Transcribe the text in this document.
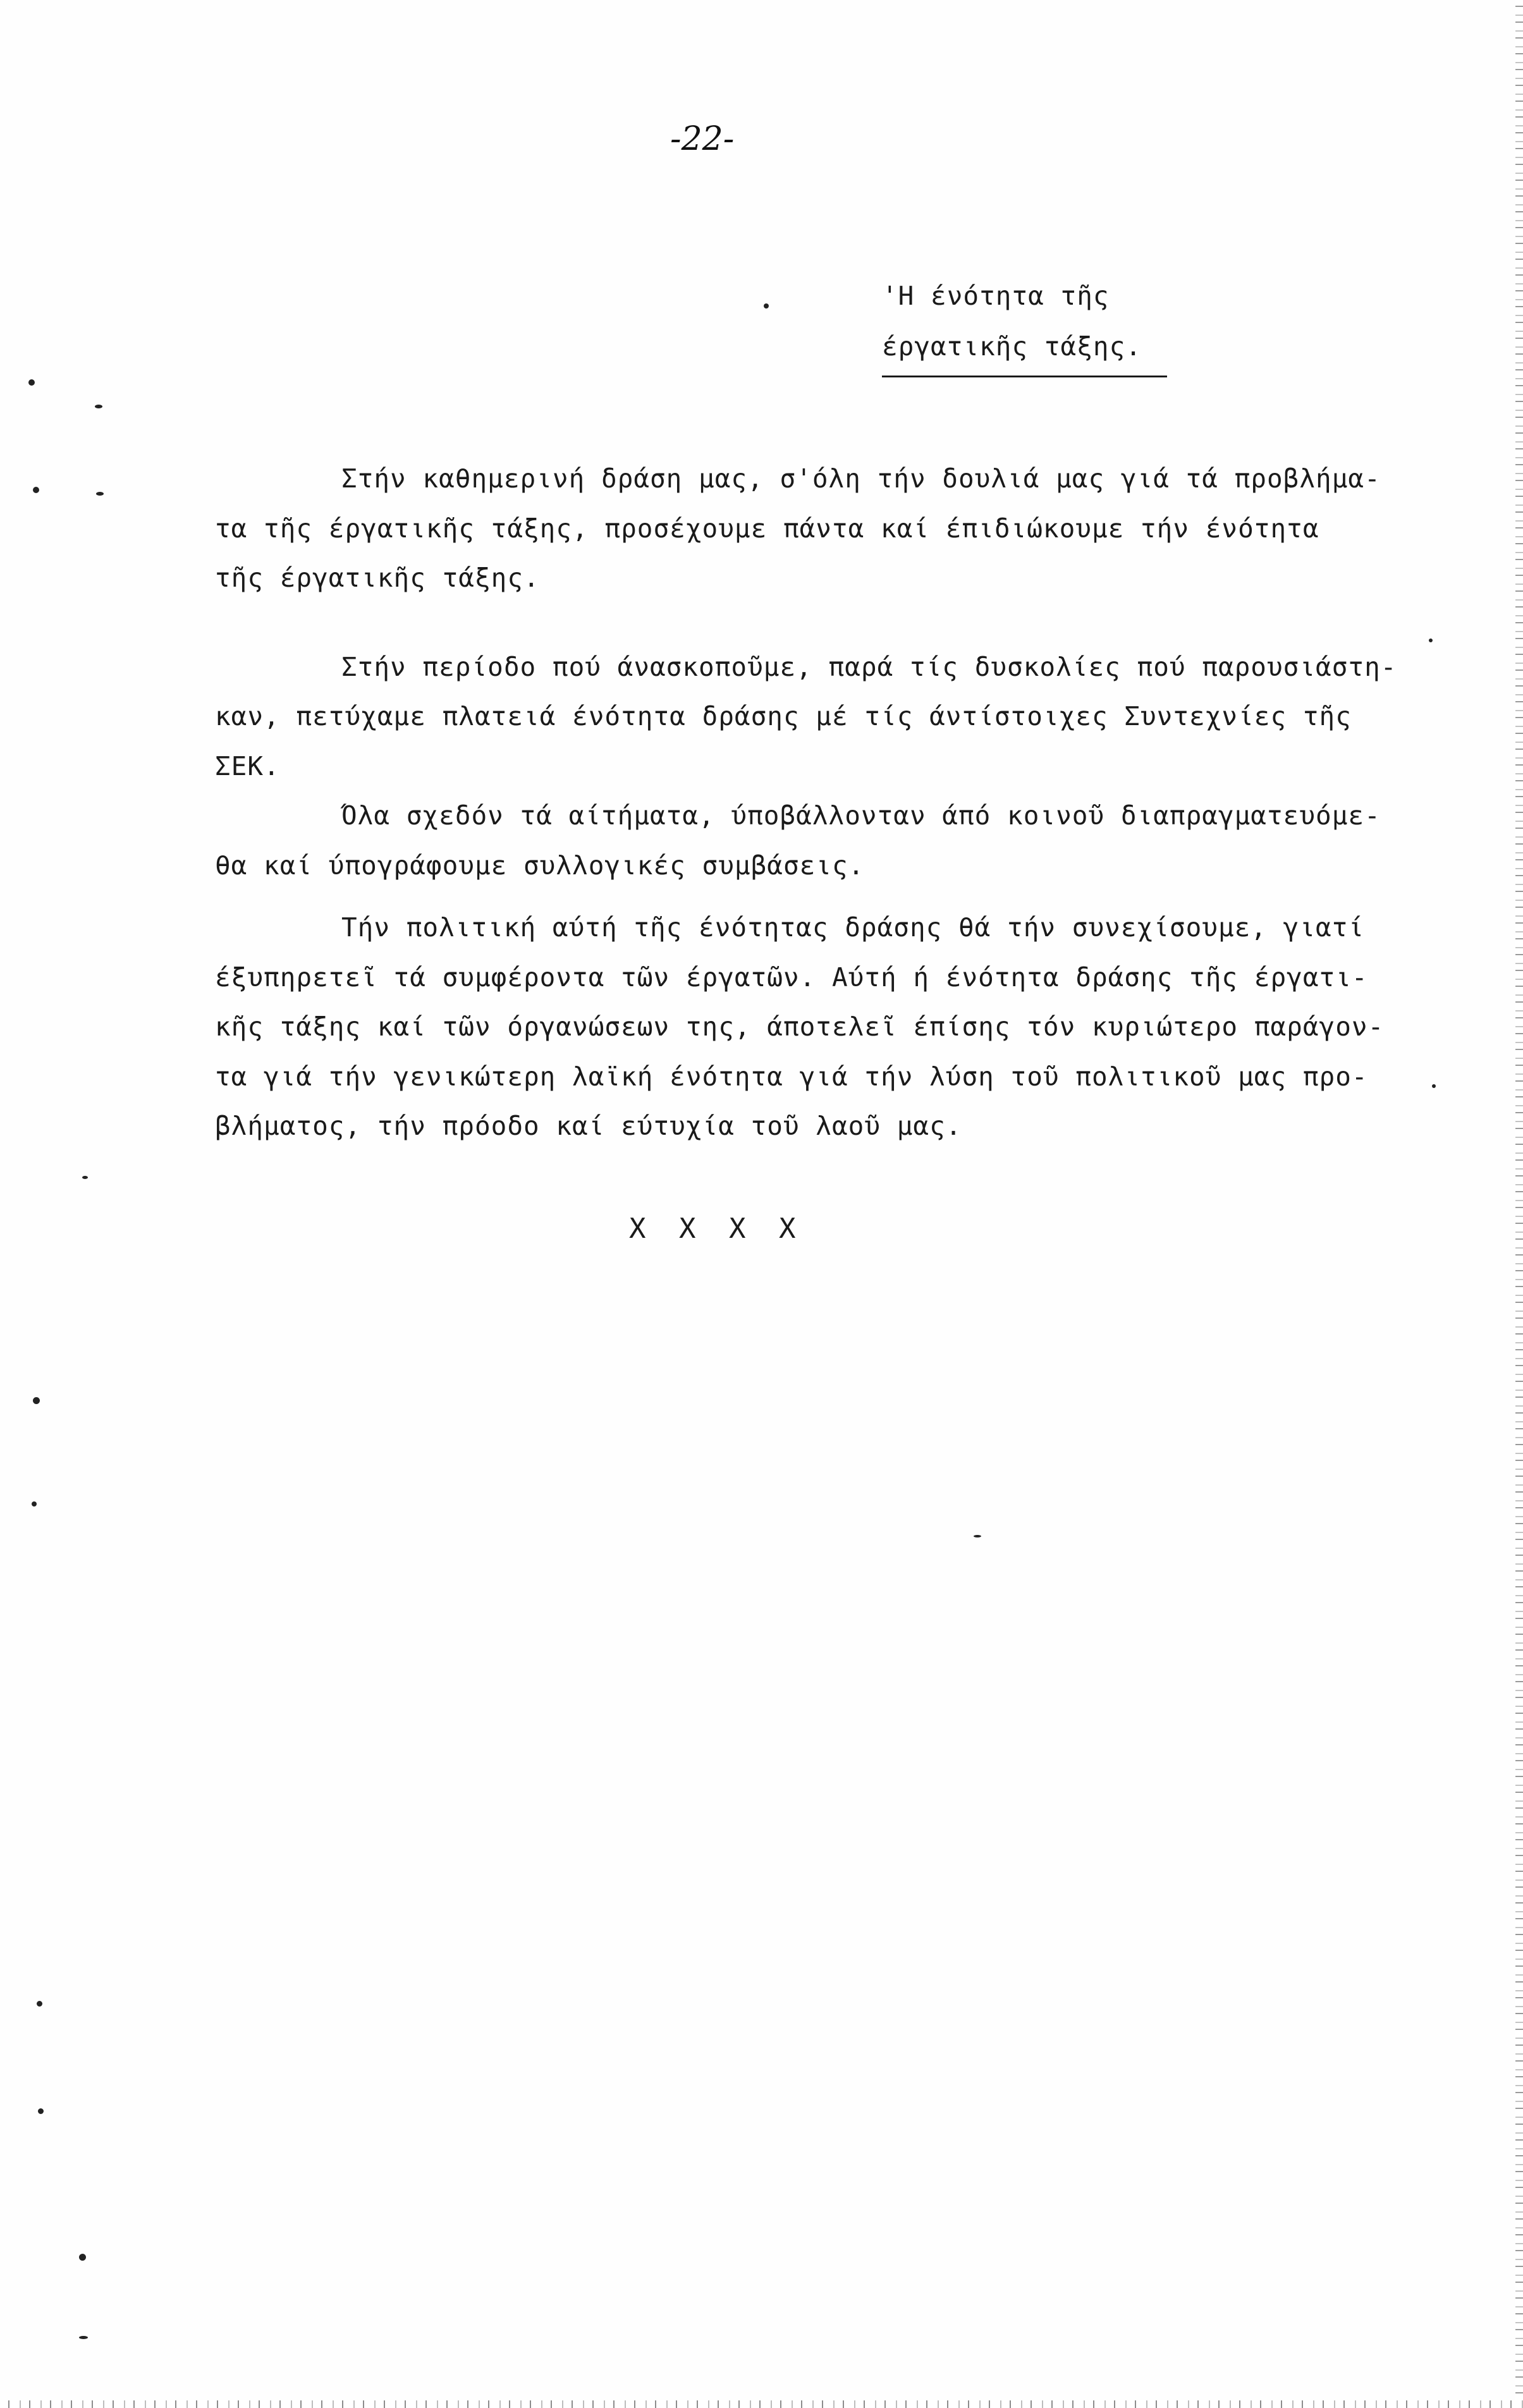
-22-
'Η ένότητα τῆς
έργατικῆς τάξης.
Στήν καθημερινή δράση μας, σ'όλη τήν δουλιά μας γιά τά προβλήμα-
τα τῆς έργατικῆς τάξης, προσέχουμε πάντα καί έπιδιώκουμε τήν ένότητα
τῆς έργατικῆς τάξης.
Στήν περίοδο πού άνασκοποῦμε, παρά τίς δυσκολίες πού παρουσιάστη-
καν, πετύχαμε πλατειά ένότητα δράσης μέ τίς άντίστοιχες Συντεχνίες τῆς
ΣΕΚ.
Όλα σχεδόν τά αίτήματα, ύποβάλλονταν άπό κοινοῦ διαπραγματευόμε-
θα καί ύπογράφουμε συλλογικές συμβάσεις.
Τήν πολιτική αύτή τῆς ένότητας δράσης θά τήν συνεχίσουμε, γιατί
έξυπηρετεῖ τά συμφέροντα τῶν έργατῶν. Αύτή ή ένότητα δράσης τῆς έργατι-
κῆς τάξης καί τῶν όργανώσεων της, άποτελεῖ έπίσης τόν κυριώτερο παράγον-
τα γιά τήν γενικώτερη λαϊκή ένότητα γιά τήν λύση τοῦ πολιτικοῦ μας προ-
βλήματος, τήν πρόοδο καί εύτυχία τοῦ λαοῦ μας.
X X X X
